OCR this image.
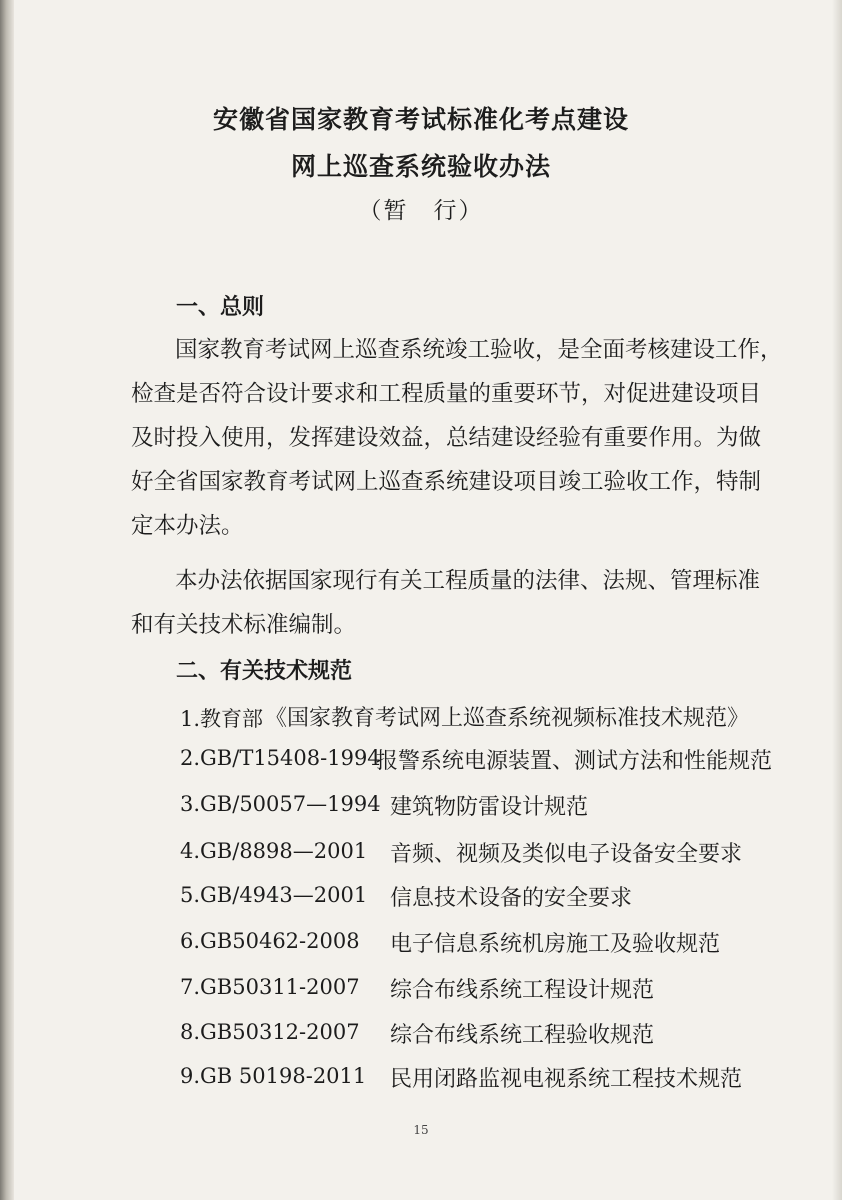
安徽省国家教育考试标准化考点建设
网上巡查系统验收办法
（暂　行）
一、总则
国家教育考试网上巡查系统竣工验收，是全面考核建设工作，
检查是否符合设计要求和工程质量的重要环节，对促进建设项目
及时投入使用，发挥建设效益，总结建设经验有重要作用。为做
好全省国家教育考试网上巡查系统建设项目竣工验收工作，特制
定本办法。
本办法依据国家现行有关工程质量的法律、法规、管理标准
和有关技术标准编制。
二、有关技术规范
1.教育部 《国家教育考试网上巡查系统视频标准技术规范》
2.GB/T15408-1994
报警系统电源装置、测试方法和性能规范
3.GB/50057—1994 建筑物防雷设计规范
4.GB/8898—2001 音频、视频及类似电子设备安全要求
5.GB/4943—2001 信息技术设备的安全要求
6.GB50462-2008 电子信息系统机房施工及验收规范
7.GB50311-2007 综合布线系统工程设计规范
8.GB50312-2007 综合布线系统工程验收规范
9.GB 50198-2011 民用闭路监视电视系统工程技术规范
15
